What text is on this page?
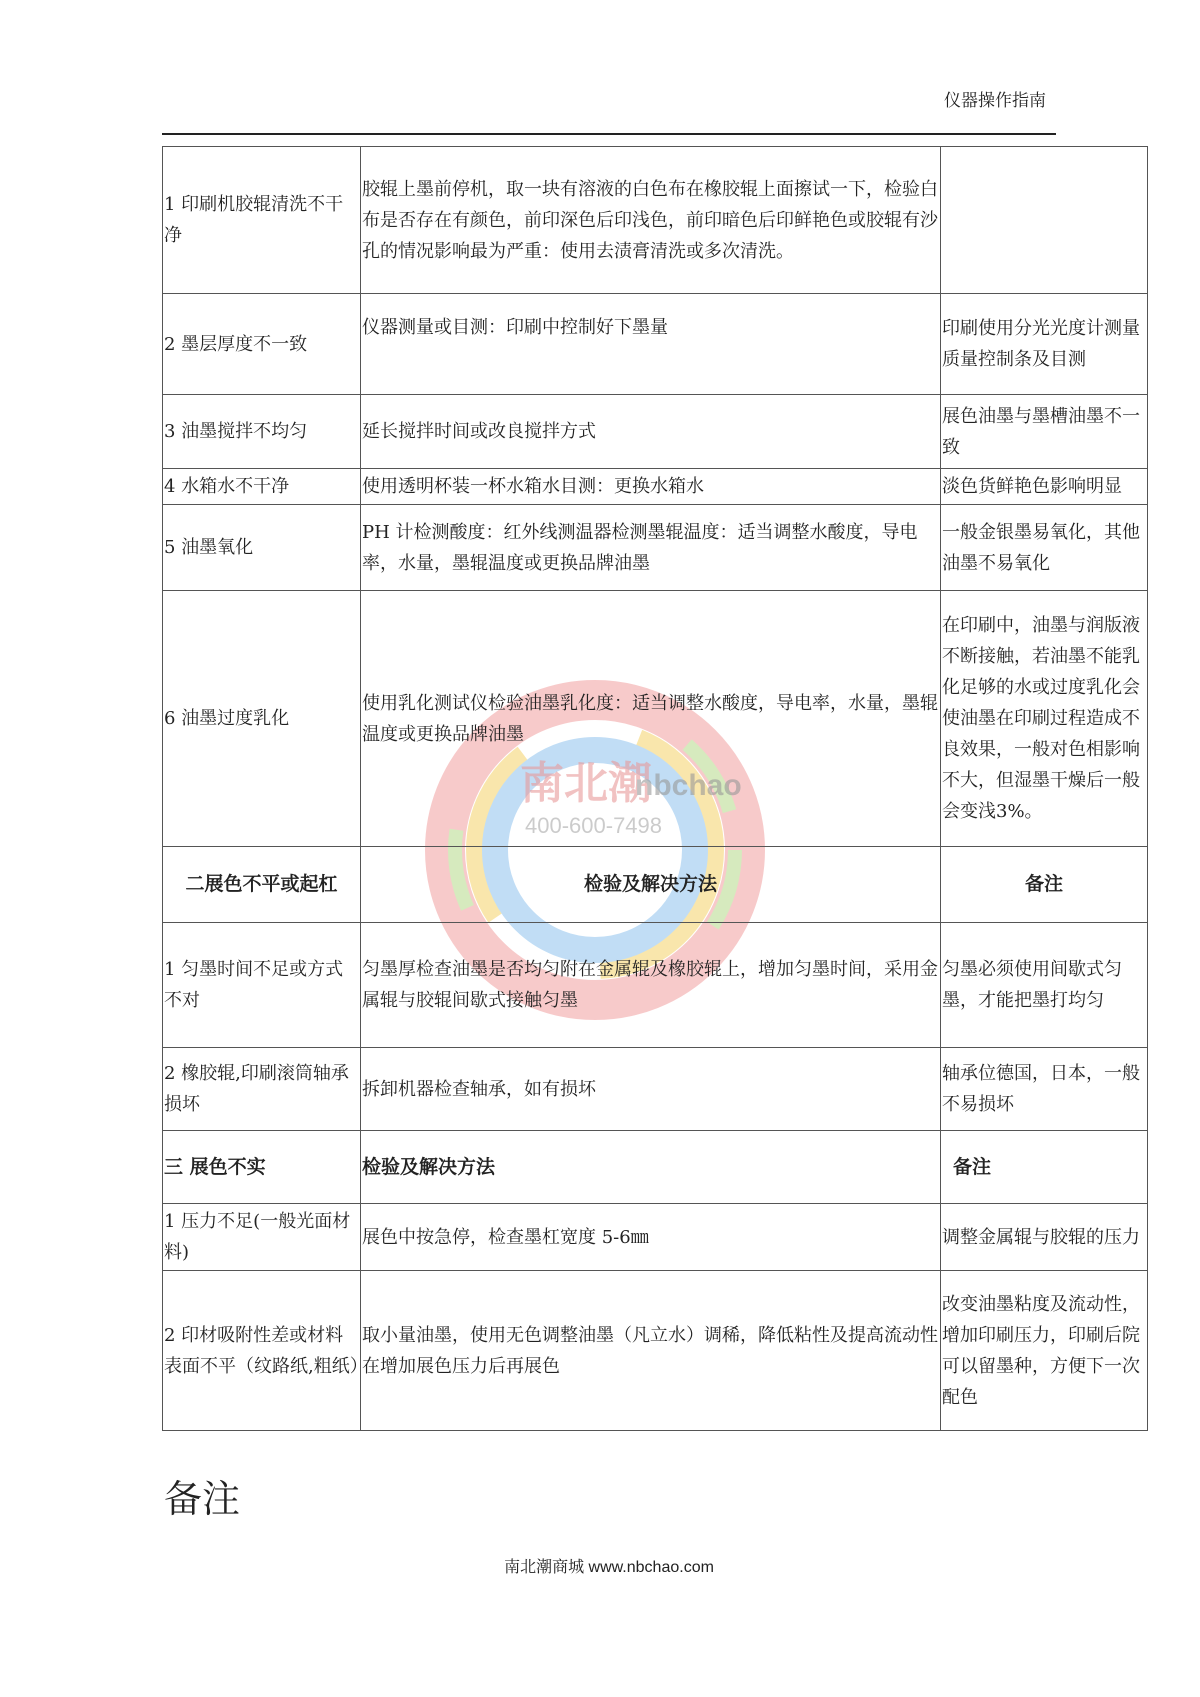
仪器操作指南
1 印刷机胶辊清洗不干净	胶辊上墨前停机，取一块有溶液的白色布在橡胶辊上面擦试一下，检验白布是否存在有颜色，前印深色后印浅色，前印暗色后印鲜艳色或胶辊有沙孔的情况影响最为严重：使用去渍膏清洗或多次清洗。	
2 墨层厚度不一致	仪器测量或目测：印刷中控制好下墨量	印刷使用分光光度计测量质量控制条及目测
3 油墨搅拌不均匀	延长搅拌时间或改良搅拌方式	展色油墨与墨槽油墨不一致
4 水箱水不干净	使用透明杯装一杯水箱水目测：更换水箱水	淡色货鲜艳色影响明显
5 油墨氧化	PH 计检测酸度：红外线测温器检测墨辊温度：适当调整水酸度，导电率，水量，墨辊温度或更换品牌油墨	一般金银墨易氧化，其他油墨不易氧化
6 油墨过度乳化	使用乳化测试仪检验油墨乳化度：适当调整水酸度，导电率，水量，墨辊温度或更换品牌油墨	在印刷中，油墨与润版液不断接触，若油墨不能乳化足够的水或过度乳化会使油墨在印刷过程造成不良效果，一般对色相影响不大，但湿墨干燥后一般会变浅3%。
二展色不平或起杠	检验及解决方法	备注
1 匀墨时间不足或方式不对	匀墨厚检查油墨是否均匀附在金属辊及橡胶辊上，增加匀墨时间，采用金属辊与胶辊间歇式接触匀墨	匀墨必须使用间歇式匀墨，才能把墨打均匀
2 橡胶辊,印刷滚筒轴承损坏	拆卸机器检查轴承，如有损坏	轴承位德国，日本，一般不易损坏
三 展色不实	检验及解决方法	备注
1 压力不足(一般光面材料)	展色中按急停，检查墨杠宽度 5-6㎜	调整金属辊与胶辊的压力
2 印材吸附性差或材料表面不平（纹路纸,粗纸）	取小量油墨，使用无色调整油墨（凡立水）调稀，降低粘性及提高流动性在增加展色压力后再展色	改变油墨粘度及流动性，增加印刷压力，印刷后院可以留墨种，方便下一次配色
南北潮
nbchao
400-600-7498
备注
南北潮商城 www.nbchao.com
